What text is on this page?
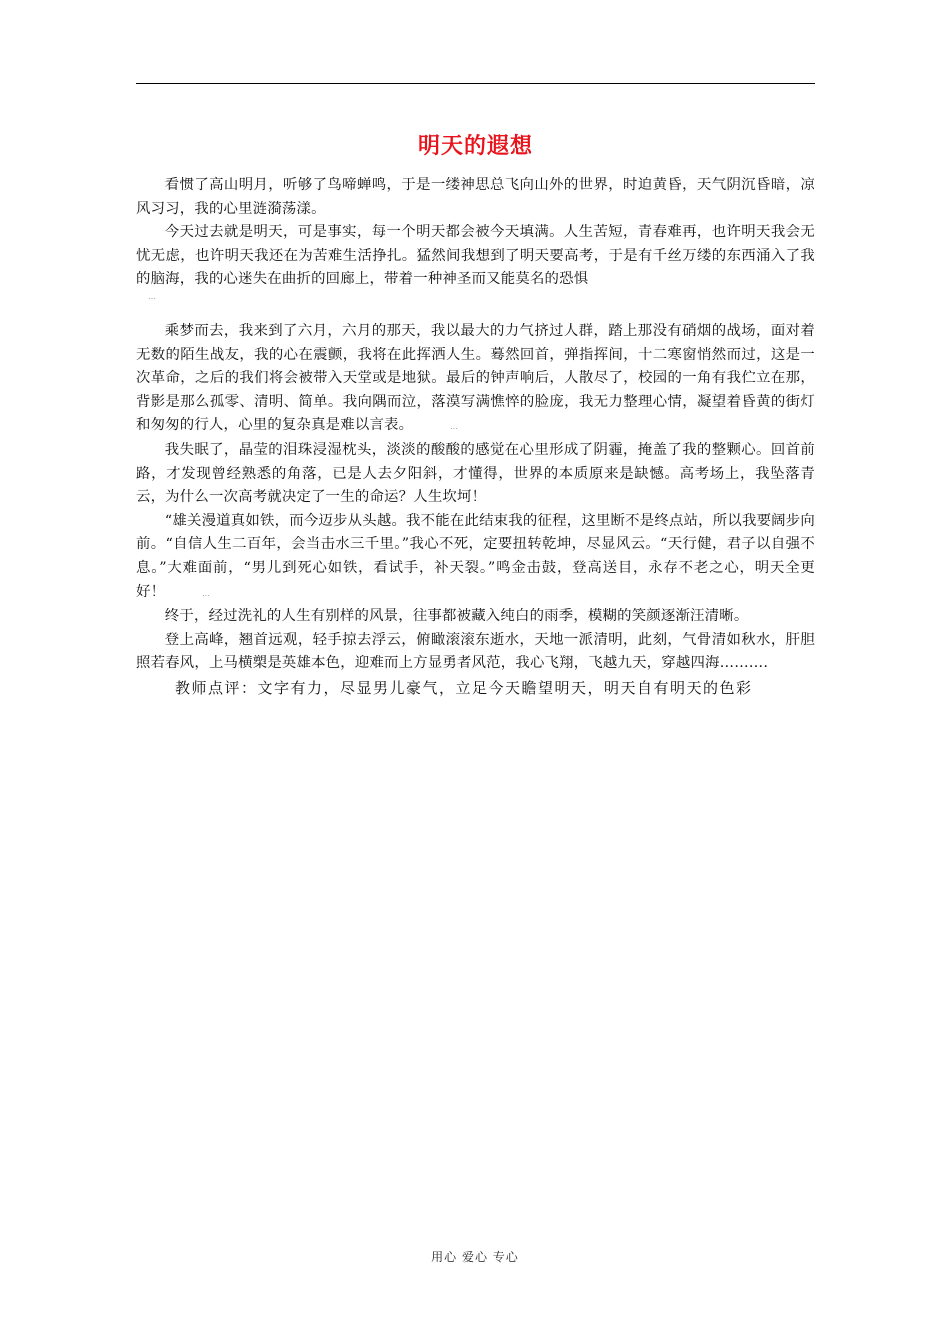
明天的遐想

看惯了高山明月，听够了鸟啼蝉鸣，于是一缕神思总飞向山外的世界，时迫黄昏，天气阴沉昏暗，凉风习习，我的心里涟漪荡漾。

今天过去就是明天，可是事实，每一个明天都会被今天填满。人生苦短，青春难再，也许明天我会无忧无虑，也许明天我还在为苦难生活挣扎。猛然间我想到了明天要高考，于是有千丝万缕的东西涌入了我的脑海，我的心迷失在曲折的回廊上，带着一种神圣而又能莫名的恐惧
…

乘梦而去，我来到了六月，六月的那天，我以最大的力气挤过人群，踏上那没有硝烟的战场，面对着无数的陌生战友，我的心在震颤，我将在此挥洒人生。蓦然回首，弹指挥间，十二寒窗悄然而过，这是一次革命，之后的我们将会被带入天堂或是地狱。最后的钟声响后，人散尽了，校园的一角有我伫立在那，背影是那么孤零、清明、简单。我向隅而泣，落漠写满憔悴的脸庞，我无力整理心情，凝望着昏黄的街灯和匆匆的行人，心里的复杂真是难以言表。	…

我失眠了，晶莹的泪珠浸湿枕头，淡淡的酸酸的感觉在心里形成了阴霾，掩盖了我的整颗心。回首前路，才发现曾经熟悉的角落，已是人去夕阳斜，才懂得，世界的本质原来是缺憾。高考场上，我坠落青云，为什么一次高考就决定了一生的命运？人生坎坷！

“雄关漫道真如铁，而今迈步从头越。我不能在此结束我的征程，这里断不是终点站，所以我要阔步向前。“自信人生二百年，会当击水三千里。”我心不死，定要扭转乾坤，尽显风云。“天行健，君子以自强不息。”大难面前，“男儿到死心如铁，看试手，补天裂。”鸣金击鼓，登高送目，永存不老之心，明天全更好！	…

终于，经过洗礼的人生有别样的风景，往事都被藏入纯白的雨季，模糊的笑颜逐渐汪清晰。

登上高峰，翘首远观，轻手掠去浮云，俯瞰滚滚东逝水，天地一派清明，此刻，气骨清如秋水，肝胆照若春风，上马横槊是英雄本色，迎难而上方显勇者风范，我心飞翔，飞越九天，穿越四海……….

教师点评：文字有力，尽显男儿豪气，立足今天瞻望明天，明天自有明天的色彩

用心 爱心 专心
